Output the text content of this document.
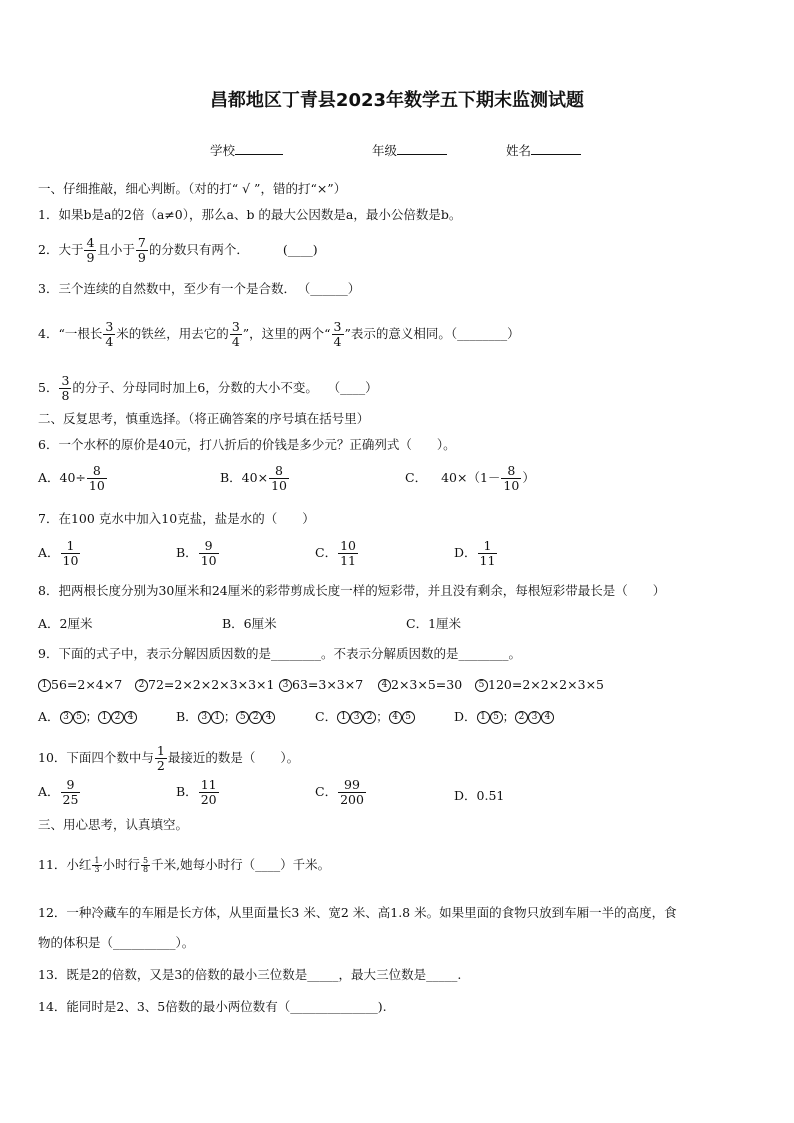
昌都地区丁青县2023年数学五下期末监测试题
学校	年级	姓名
一、仔细推敲，细心判断。（对的打“ √ ”，错的打“×”）
1．如果b是a的2倍（a≠0），那么a、b 的最大公因数是a，最小公倍数是b。
2．大于 $\frac{4}{9}$ 且小于 $\frac{7}{9}$ 的分数只有两个．	(____)
3．三个连续的自然数中，至少有一个是合数． （______）
4．“一根长 $\frac{3}{4}$ 米的铁丝，用去它的 $\frac{3}{4}$ ”，这里的两个“ $\frac{3}{4}$ ”表示的意义相同。（________）
5． $\frac{3}{8}$ 的分子、分母同时加上6，分数的大小不变。 （____）
二、反复思考，慎重选择。（将正确答案的序号填在括号里）
6．一个水杯的原价是40元，打八折后的价钱是多少元？正确列式（　　）。
A．$40\div \frac{8}{10}$	B．$40\times \frac{8}{10}$	C． $40\times(1- \frac{8}{10}$ ）
7．在100 克水中加入10克盐，盐是水的（　　）
A． $\frac{1}{10}$	B． $\frac{9}{10}$	C． $\frac{10}{11}$	D． $\frac{1}{11}$
8．把两根长度分别为30厘米和24厘米的彩带剪成长度一样的短彩带，并且没有剩余，每根短彩带最长是（　　）
A．2厘米	B．6厘米	C．1厘米
9．下面的式子中，表示分解因质因数的是________。不表示分解质因数的是________。
1 56=2×4×7	2 72=2×2×2×3×3×1 3 63=3×3×7	4 2×3×5=30	5 120=2×2×2×3×5
A． 3 5 ； 1 2 4	B． 3 1 ； 5 2 4	C． 1 3 2 ； 4 5	D． 1 5 ； 2 3 4
10．下面四个数中与 $\frac{1}{2}$ 最接近的数是（　　）。
A． $\frac{9}{25}$	B． $\frac{11}{20}$	C． $\frac{99}{200}$	D．0.51
三、用心思考，认真填空。
11．小红 $\frac{1}{3}$ 小时行 $\frac{5}{8}$ 千米,她每小时行（____）千米。
12．一种冷藏车的车厢是长方体，从里面量长3 米、宽2 米、高1.8 米。如果里面的食物只放到车厢一半的高度，食
物的体积是（__________）。
13．既是2的倍数，又是3的倍数的最小三位数是_____，最大三位数是_____.
14．能同时是2、3、5倍数的最小两位数有（______________).
